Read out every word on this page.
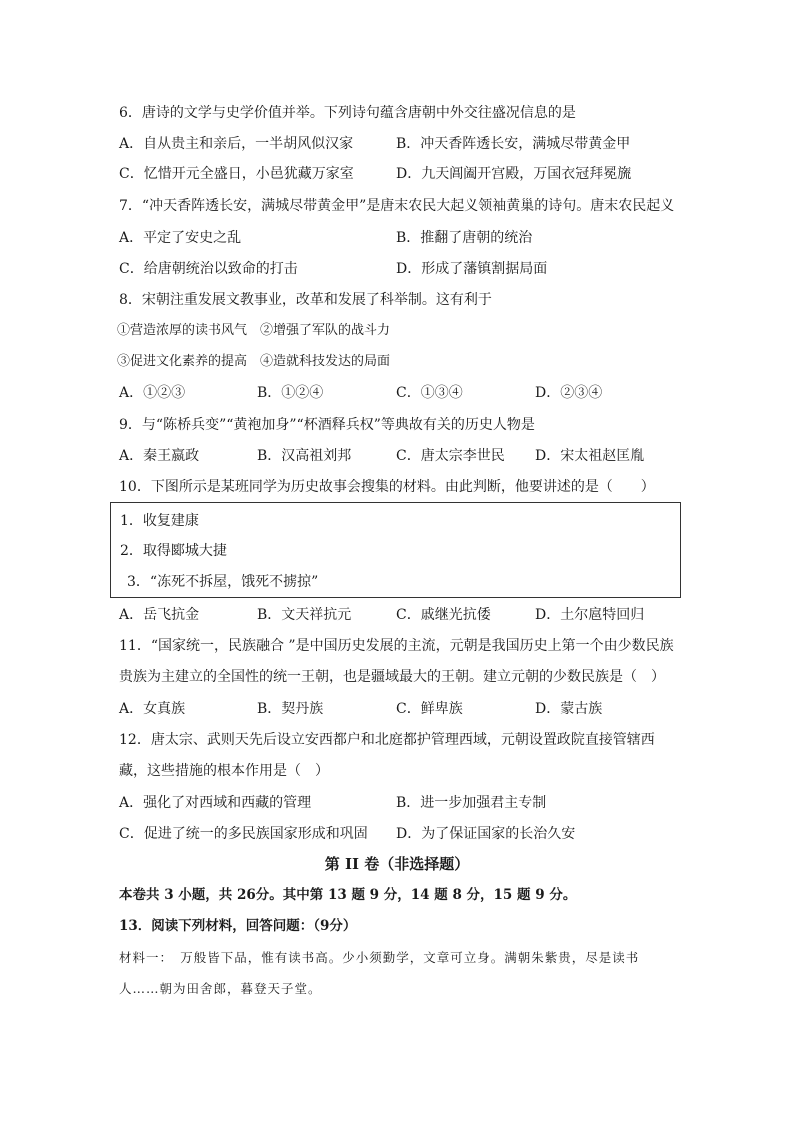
6．唐诗的文学与史学价值并举。下列诗句蕴含唐朝中外交往盛况信息的是
A．自从贵主和亲后，一半胡风似汉家	B．冲天香阵透长安，满城尽带黄金甲
C．忆惜开元全盛日，小邑犹藏万家室	D．九天阊阖开宫殿，万国衣冠拜冕旒
7．“冲天香阵透长安，满城尽带黄金甲”是唐末农民大起义领袖黄巢的诗句。唐末农民起义
A．平定了安史之乱	B．推翻了唐朝的统治
C．给唐朝统治以致命的打击	D．形成了藩镇割据局面
8．宋朝注重发展文教事业，改革和发展了科举制。这有利于
①营造浓厚的读书风气　②增强了军队的战斗力
③促进文化素养的提高　④造就科技发达的局面
A．①②③	B．①②④	C．①③④	D．②③④
9．与“陈桥兵变”“黄袍加身”“杯酒释兵权”等典故有关的历史人物是
A．秦王嬴政	B．汉高祖刘邦	C．唐太宗李世民 D．宋太祖赵匡胤
10．下图所示是某班同学为历史故事会搜集的材料。由此判断，他要讲述的是（　　）
1．收复建康
2．取得郾城大捷
3．“冻死不拆屋，饿死不掳掠”
A．岳飞抗金	B．文天祥抗元	C．戚继光抗倭	D．土尔扈特回归
11．“国家统一，民族融合 ”是中国历史发展的主流，元朝是我国历史上第一个由少数民族
贵族为主建立的全国性的统一王朝，也是疆域最大的王朝。建立元朝的少数民族是（　）
A．女真族	B．契丹族	C．鲜卑族	D．蒙古族
12．唐太宗、武则天先后设立安西都户和北庭都护管理西域，元朝设置政院直接管辖西
藏，这些措施的根本作用是（　）
A．强化了对西域和西藏的管理	B．进一步加强君主专制
C．促进了统一的多民族国家形成和巩固 D．为了保证国家的长治久安
第 II 卷（非选择题）
本卷共 3 小题，共 26分。其中第 13 题 9 分，14 题 8 分，15 题 9 分。
13．阅读下列材料，回答问题：（9分）
材料一：　万般皆下品，惟有读书高。少小须勤学，文章可立身。满朝朱紫贵，尽是读书
人……朝为田舍郎，暮登天子堂。
